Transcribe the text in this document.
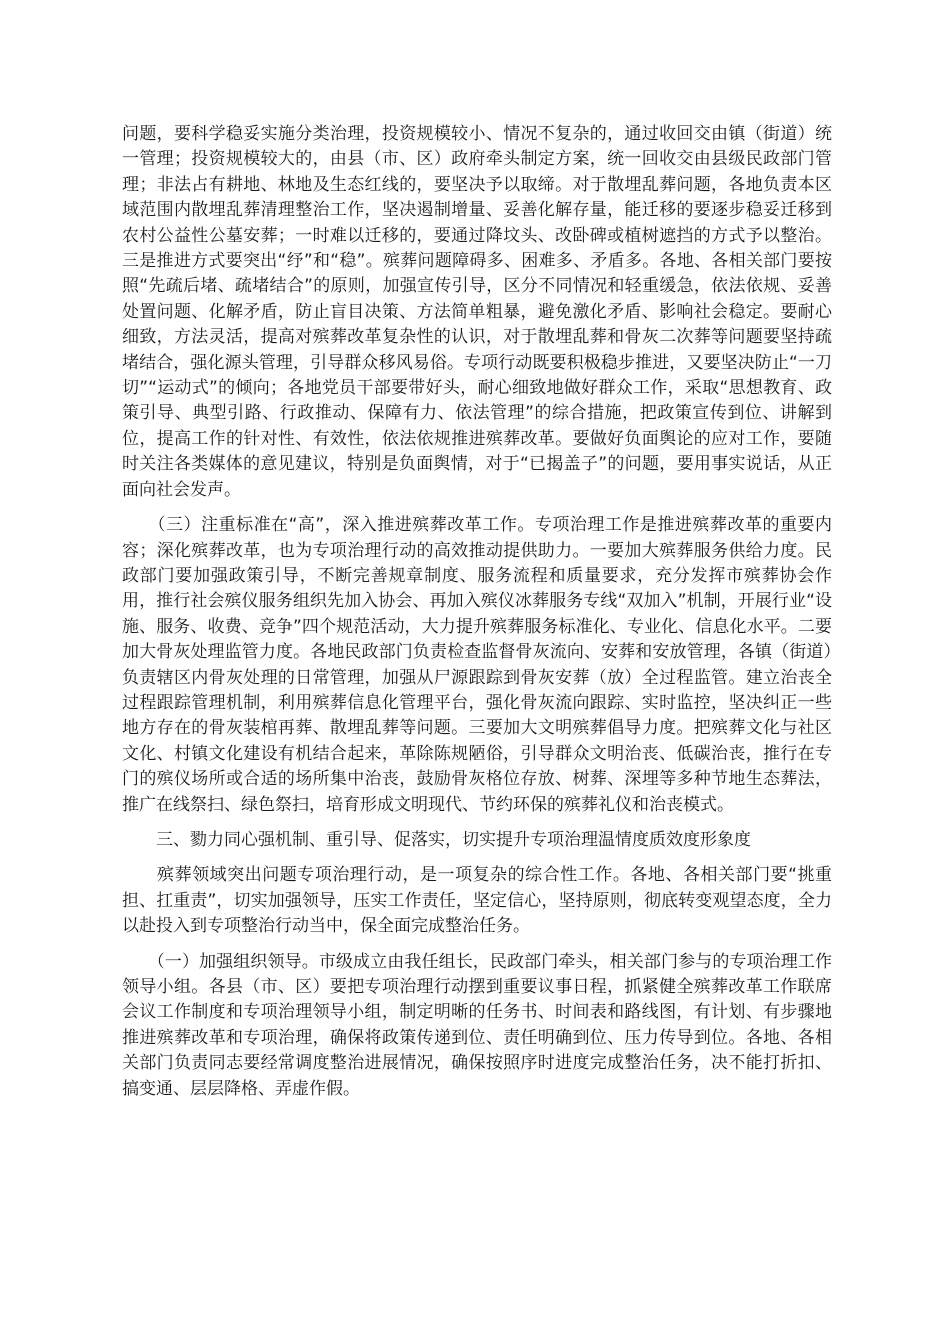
问题，要科学稳妥实施分类治理，投资规模较小、情况不复杂的，通过收回交由镇（街道）统一管理；投资规模较大的，由县（市、区）政府牵头制定方案，统一回收交由县级民政部门管理；非法占有耕地、林地及生态红线的，要坚决予以取缔。对于散埋乱葬问题，各地负责本区域范围内散埋乱葬清理整治工作，坚决遏制增量、妥善化解存量，能迁移的要逐步稳妥迁移到农村公益性公墓安葬；一时难以迁移的，要通过降坟头、改卧碑或植树遮挡的方式予以整治。三是推进方式要突出“纾”和“稳”。殡葬问题障碍多、困难多、矛盾多。各地、各相关部门要按照“先疏后堵、疏堵结合”的原则，加强宣传引导，区分不同情况和轻重缓急，依法依规、妥善处置问题、化解矛盾，防止盲目决策、方法简单粗暴，避免激化矛盾、影响社会稳定。要耐心细致，方法灵活，提高对殡葬改革复杂性的认识，对于散埋乱葬和骨灰二次葬等问题要坚持疏堵结合，强化源头管理，引导群众移风易俗。专项行动既要积极稳步推进，又要坚决防止“一刀切”“运动式”的倾向；各地党员干部要带好头，耐心细致地做好群众工作，采取“思想教育、政策引导、典型引路、行政推动、保障有力、依法管理”的综合措施，把政策宣传到位、讲解到位，提高工作的针对性、有效性，依法依规推进殡葬改革。要做好负面舆论的应对工作，要随时关注各类媒体的意见建议，特别是负面舆情，对于“已揭盖子”的问题，要用事实说话，从正面向社会发声。

　　（三）注重标准在“高”，深入推进殡葬改革工作。专项治理工作是推进殡葬改革的重要内容；深化殡葬改革，也为专项治理行动的高效推动提供助力。一要加大殡葬服务供给力度。民政部门要加强政策引导，不断完善规章制度、服务流程和质量要求，充分发挥市殡葬协会作用，推行社会殡仪服务组织先加入协会、再加入殡仪冰葬服务专线“双加入”机制，开展行业“设施、服务、收费、竞争”四个规范活动，大力提升殡葬服务标准化、专业化、信息化水平。二要加大骨灰处理监管力度。各地民政部门负责检查监督骨灰流向、安葬和安放管理，各镇（街道）负责辖区内骨灰处理的日常管理，加强从尸源跟踪到骨灰安葬（放）全过程监管。建立治丧全过程跟踪管理机制，利用殡葬信息化管理平台，强化骨灰流向跟踪、实时监控，坚决纠正一些地方存在的骨灰装棺再葬、散埋乱葬等问题。三要加大文明殡葬倡导力度。把殡葬文化与社区文化、村镇文化建设有机结合起来，革除陈规陋俗，引导群众文明治丧、低碳治丧，推行在专门的殡仪场所或合适的场所集中治丧，鼓励骨灰格位存放、树葬、深埋等多种节地生态葬法，推广在线祭扫、绿色祭扫，培育形成文明现代、节约环保的殡葬礼仪和治丧模式。

　　三、勠力同心强机制、重引导、促落实，切实提升专项治理温情度质效度形象度

　　殡葬领域突出问题专项治理行动，是一项复杂的综合性工作。各地、各相关部门要“挑重担、扛重责”，切实加强领导，压实工作责任，坚定信心，坚持原则，彻底转变观望态度，全力以赴投入到专项整治行动当中，保全面完成整治任务。

　　（一）加强组织领导。市级成立由我任组长，民政部门牵头，相关部门参与的专项治理工作领导小组。各县（市、区）要把专项治理行动摆到重要议事日程，抓紧健全殡葬改革工作联席会议工作制度和专项治理领导小组，制定明晰的任务书、时间表和路线图，有计划、有步骤地推进殡葬改革和专项治理，确保将政策传递到位、责任明确到位、压力传导到位。各地、各相关部门负责同志要经常调度整治进展情况，确保按照序时进度完成整治任务，决不能打折扣、搞变通、层层降格、弄虚作假。
